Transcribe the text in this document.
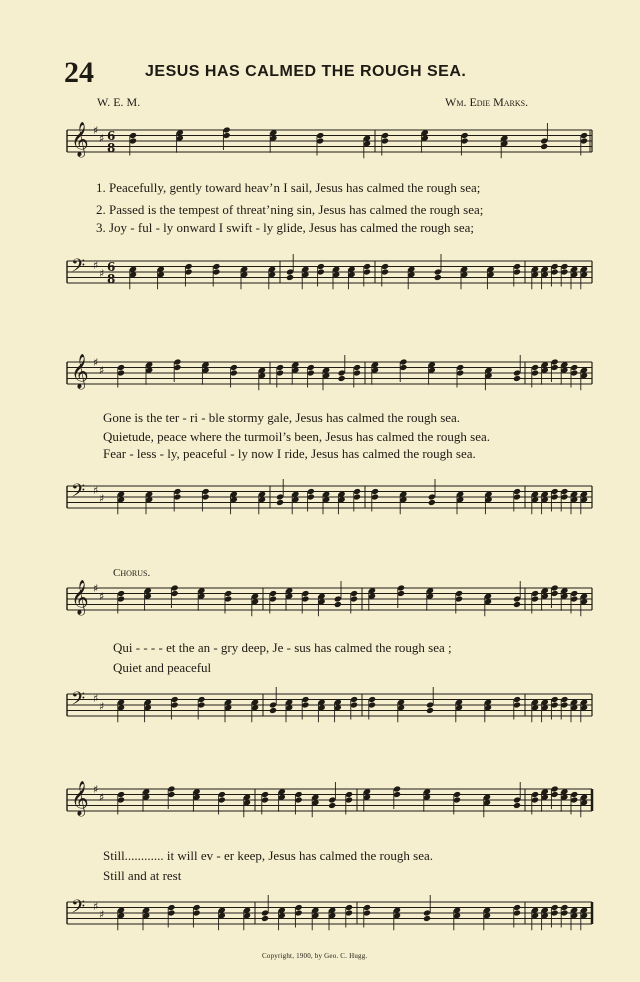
24	JESUS HAS CALMED THE ROUGH SEA.
W. E. M.	Wm. Edie Marks.
𝄞 ♯
♯ 6
8
1. Peacefully, gently toward heav’n I sail, Jesus has calmed the rough sea;
2. Passed is the tempest of threat’ning sin, Jesus has calmed the rough sea;
3. Joy - ful - ly onward I swift - ly glide, Jesus has calmed the rough sea;
𝄢 ♯
♯ 6
8
𝄞 ♯
♯
Gone is the ter - ri - ble stormy gale, Jesus has calmed the rough sea.
Quietude, peace where the turmoil’s been, Jesus has calmed the rough sea.
Fear - less - ly, peaceful - ly now I ride, Jesus has calmed the rough sea.
𝄢 ♯
♯
Chorus.
𝄞 ♯
♯
Qui - - - - et the an - gry deep, Je - sus has calmed the rough sea ;
Quiet and peaceful
𝄢 ♯
♯
𝄞 ♯
♯
Still............ it will ev - er keep, Jesus has calmed the rough sea.
Still and at rest
𝄢 ♯
♯
Copyright, 1900, by Geo. C. Hugg.
